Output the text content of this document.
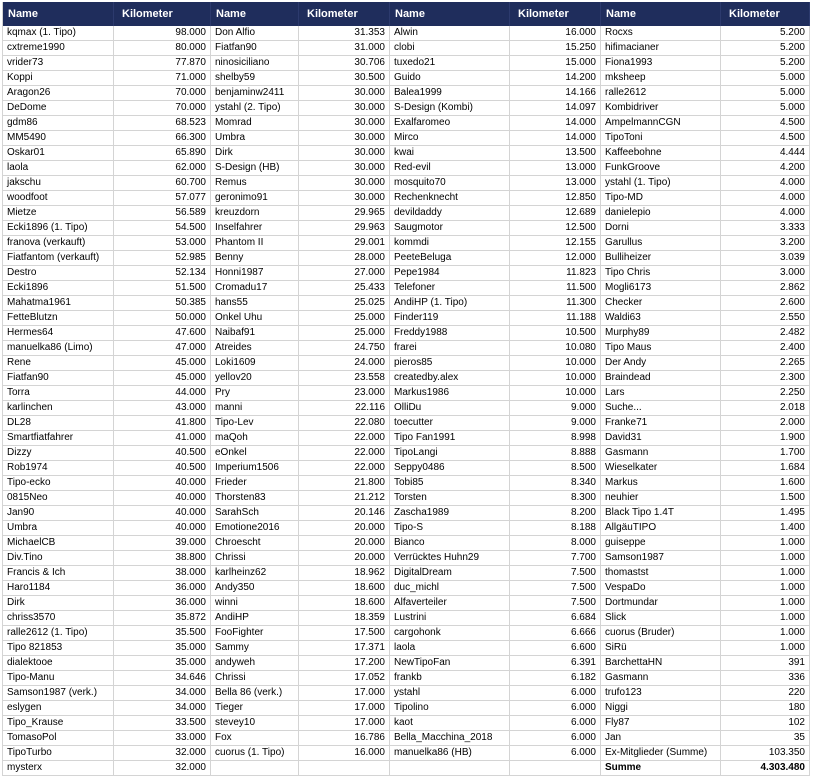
Name
kqmax (1. Tipo)
cxtreme1990
vrider73
Koppi
Aragon26
DeDome
gdm86
MM5490
Oskar01
laola
jakschu
woodfoot
Mietze
Ecki1896 (1. Tipo)
franova (verkauft)
Fiatfantom (verkauft)
Destro
Ecki1896
Mahatma1961
FetteBlutzn
Hermes64
manuelka86 (Limo)
Rene
Fiatfan90
Torra
karlinchen
DL28
Smartfiatfahrer
Dizzy
Rob1974
Tipo-ecko
0815Neo
Jan90
Umbra
MichaelCB
Div.Tino
Francis & Ich
Haro1184
Dirk
chriss3570
ralle2612 (1. Tipo)
Tipo 821853
dialektooe
Tipo-Manu
Samson1987 (verk.)
eslygen
Tipo_Krause
TomasoPol
TipoTurbo
mysterx
Kilometer
98.000
80.000
77.870
71.000
70.000
70.000
68.523
66.300
65.890
62.000
60.700
57.077
56.589
54.500
53.000
52.985
52.134
51.500
50.385
50.000
47.600
47.000
45.000
45.000
44.000
43.000
41.800
41.000
40.500
40.500
40.000
40.000
40.000
40.000
39.000
38.800
38.000
36.000
36.000
35.872
35.500
35.000
35.000
34.646
34.000
34.000
33.500
33.000
32.000
32.000
Name
Don Alfio
Fiatfan90
ninosiciliano
shelby59
benjaminw2411
ystahl (2. Tipo)
Momrad
Umbra
Dirk
S-Design (HB)
Remus
geronimo91
kreuzdorn
Inselfahrer
Phantom II
Benny
Honni1987
Cromadu17
hans55
Onkel Uhu
Naibaf91
Atreides
Loki1609
yellov20
Pry
manni
Tipo-Lev
maQoh
eOnkel
Imperium1506
Frieder
Thorsten83
SarahSch
Emotione2016
Chroescht
Chrissi
karlheinz62
Andy350
winni
AndiHP
FooFighter
Sammy
andyweh
Chrissi
Bella 86 (verk.)
Tieger
stevey10
Fox
cuorus (1. Tipo)
Kilometer
31.353
31.000
30.706
30.500
30.000
30.000
30.000
30.000
30.000
30.000
30.000
30.000
29.965
29.963
29.001
28.000
27.000
25.433
25.025
25.000
25.000
24.750
24.000
23.558
23.000
22.116
22.080
22.000
22.000
22.000
21.800
21.212
20.146
20.000
20.000
20.000
18.962
18.600
18.600
18.359
17.500
17.371
17.200
17.052
17.000
17.000
17.000
16.786
16.000
Name
Alwin
clobi
tuxedo21
Guido
Balea1999
S-Design (Kombi)
Exalfaromeo
Mirco
kwai
Red-evil
mosquito70
Rechenknecht
devildaddy
Saugmotor
kommdi
PeeteBeluga
Pepe1984
Telefoner
AndiHP (1. Tipo)
Finder119
Freddy1988
frarei
pieros85
createdby.alex
Markus1986
OlliDu
toecutter
Tipo Fan1991
TipoLangi
Seppy0486
Tobi85
Torsten
Zascha1989
Tipo-S
Bianco
Verrücktes Huhn29
DigitalDream
duc_michl
Alfaverteiler
Lustrini
cargohonk
laola
NewTipoFan
frankb
ystahl
Tipolino
kaot
Bella_Macchina_2018
manuelka86 (HB)
Kilometer
16.000
15.250
15.000
14.200
14.166
14.097
14.000
14.000
13.500
13.000
13.000
12.850
12.689
12.500
12.155
12.000
11.823
11.500
11.300
11.188
10.500
10.080
10.000
10.000
10.000
9.000
9.000
8.998
8.888
8.500
8.340
8.300
8.200
8.188
8.000
7.700
7.500
7.500
7.500
6.684
6.666
6.600
6.391
6.182
6.000
6.000
6.000
6.000
6.000
Name
Rocxs
hifimacianer
Fiona1993
mksheep
ralle2612
Kombidriver
AmpelmannCGN
TipoToni
Kaffeebohne
FunkGroove
ystahl (1. Tipo)
Tipo-MD
danielepio
Dorni
Garullus
Bulliheizer
Tipo Chris
Mogli6173
Checker
Waldi63
Murphy89
Tipo Maus
Der Andy
Braindead
Lars
Suche...
Franke71
David31
Gasmann
Wieselkater
Markus
neuhier
Black Tipo 1.4T
AllgäuTIPO
guiseppe
Samson1987
thomastst
VespaDo
Dortmundar
Slick
cuorus (Bruder)
SiRü
BarchettaHN
Gasmann
trufo123
Niggi
Fly87
Jan
Ex-Mitglieder (Summe)
Summe
Kilometer
5.200
5.200
5.200
5.000
5.000
5.000
4.500
4.500
4.444
4.200
4.000
4.000
4.000
3.333
3.200
3.039
3.000
2.862
2.600
2.550
2.482
2.400
2.265
2.300
2.250
2.018
2.000
1.900
1.700
1.684
1.600
1.500
1.495
1.400
1.000
1.000
1.000
1.000
1.000
1.000
1.000
1.000
391
336
220
180
102
35
103.350
4.303.480
